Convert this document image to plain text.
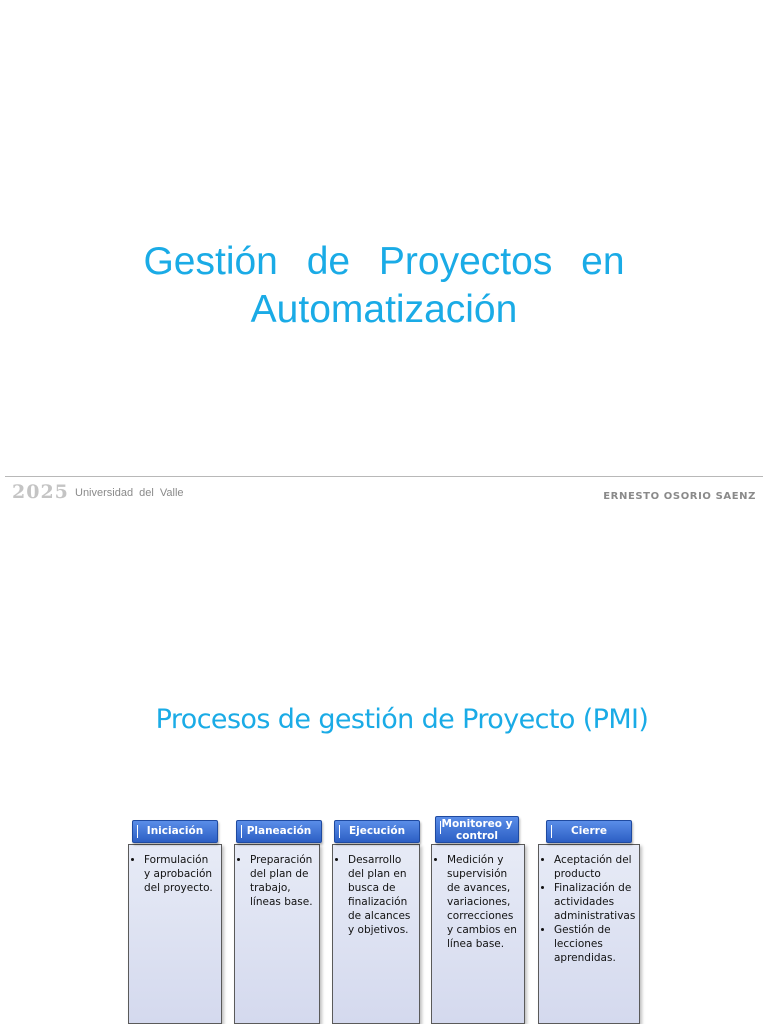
Gestión de Proyectos en
Automatización
2025 Universidad del Valle	ERNESTO OSORIO SAENZ
Procesos de gestión de Proyecto (PMI)
Iniciación
• Formulación y aprobación del proyecto.
Planeación
• Preparación del plan de trabajo, líneas base.
Ejecución
• Desarrollo del plan en busca de finalización de alcances y objetivos.
Monitoreo y
control
• Medición y supervisión de avances, variaciones, correcciones y cambios en línea base.
Cierre
• Aceptación del producto
• Finalización de actividades administrativas
• Gestión de lecciones aprendidas.
